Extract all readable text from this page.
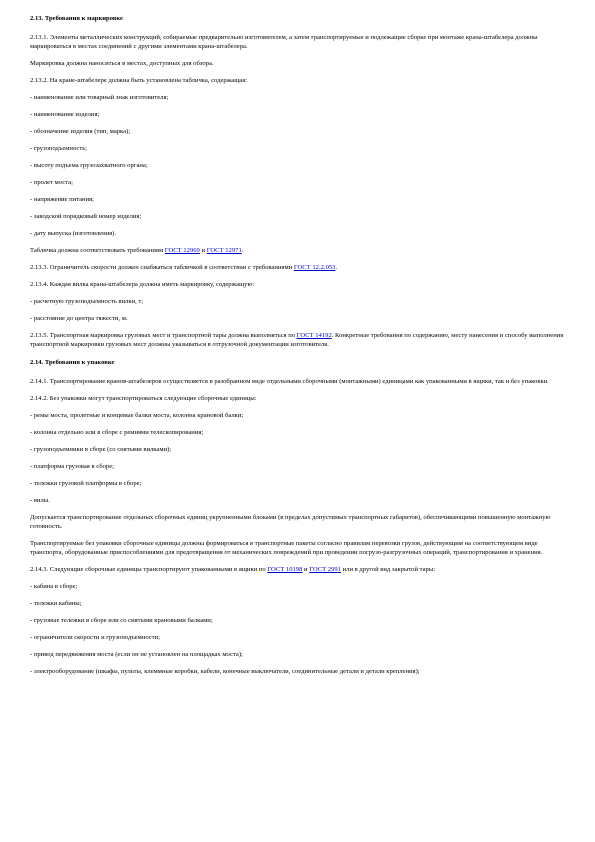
2.13. Требования к маркировке

2.13.1. Элементы металлических конструкций, собираемые предварительно изготовителем, а затем транспортируемые и подлежащие сборке при монтаже крана-штабелера должны маркироваться в местах соединений с другими элементами крана-штабелера.

Маркировка должна наноситься в местах, доступных для обзора.

2.13.2. На кране-штабелере должна быть установлена табличка, содержащая:

- наименование или товарный знак изготовителя;

- наименование изделия;

- обозначение изделия (тип, марка);

- грузоподъемность;

- высоту подъема грузозахватного органа;

- пролет моста;

- напряжение питания;

- заводской порядковый номер изделия;

- дату выпуска (изготовления).

Табличка должна соответствовать требованиям ГОСТ 12969 и ГОСТ 12971.

2.13.3. Ограничитель скорости должен снабжаться табличкой в соответствии с требованиями ГОСТ 12.2.053.

2.13.4. Каждая вилка крана-штабелера должна иметь маркировку, содержащую:

- расчетную грузоподъемность вилки, т;

- расстояние до центра тяжести, м.

2.13.5. Транспортная маркировка грузовых мест и транспортной тары должна выполняться по ГОСТ 14192. Конкретные требования по содержанию, месту нанесения и способу выполнения транспортной маркировки грузовых мест должны указываться в отгрузочной документации изготовителя.

2.14. Требования к упаковке

2.14.1. Транспортирование кранов-штабелеров осуществляется в разобранном виде отдельными сборочными (монтажными) единицами как упакованными в ящики, так и без упаковки.

2.14.2. Без упаковки могут транспортироваться следующие сборочные единицы:

- ремы моста, пролетные и концевые балки моста, колонна крановой балки;

- колонна отдельно или в сборе с ремнями телескопирования;

- грузоподъемники в сборе (со снятыми вилками);

- платформа грузовая в сборе;

- тележки грузовой платформы в сборе;

- вилы.

Допускается транспортирование отдельных сборочных единиц укрупненными блоками (в пределах допустимых транспортных габаритов), обеспечивающими повышенную монтажную готовность.

Транспортируемые без упаковки сборочные единицы должны формироваться в транспортные пакеты согласно правилам перевозки грузов, действующим на соответствующем виде транспорта, оборудованные приспособлениями для предотвращения от механических повреждений при проведении погрузо-разгрузочных операций, транспортирования и хранения.

2.14.3. Следующие сборочные единицы транспортируют упакованными в ящики по ГОСТ 10198 и ГОСТ 2991 или в другой вид закрытой тары:

- кабина в сборе;

- тележки кабины;

- грузовые тележки в сборе или со снятыми крановыми балками;

- ограничители скорости и грузоподъемности;

- привод передвижения моста (если он не установлен на площадках моста);

- электрооборудование (шкафы, пульты, клеммные коробки, кабели, конечные выключатели, соединительные детали и детали крепления);
